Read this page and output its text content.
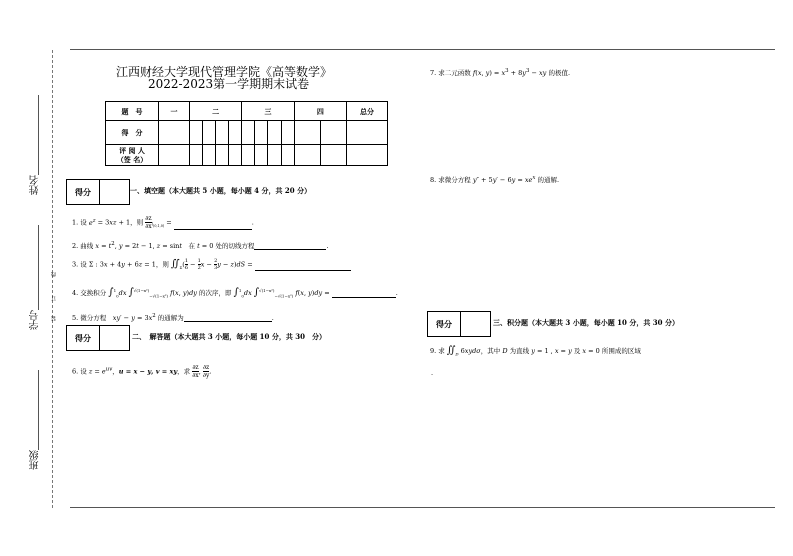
姓名
学号
班级
装
订
线
江西财经大学现代管理学院《高等数学》
2022-2023第一学期期末试卷
题　号	一	二				三				四		总分
得　分												

评 阅 人
（签 名）												

得分	一、填空题（本大题共 5 小题，每小题 4 分，共 20 分）
1. 设 $e^z = 3xz + 1$，则 $\frac{\partial z}{\partial x} |_{(0,1,0)}$ =	.
2. 曲线 $x = t^2$, y = 2t − 1, z = sint　 在 t = 0 处的切线方程	.
3. 设 Σ : 3x + 4y + 6z = 1，则 $∬_\Sigma( \frac{1}{6} - \frac{1}{2}$ $x - \frac{2}{3}$ y − z)dS =
4. 交换积分 ∫$^1_0$dx ∫$^{√(1-x^2)}_{-√(1-x^2)}$ f(x, y)dy 的次序，即 ∫$^1_0$dx ∫$^{√(1-x^2)}_{-√(1-x^2)}$ f(x, y)dy =	.
5. 微分方程　 $xy' - y = 3x^2$ 的通解为	.
得分	二、　解答题（本大题共 3 小题，每小题 10 分，共 30　分）
6. 设 $z = e^{uv}$，u = x − y, v = xy，求 $\frac{\partial z}{\partial x}$ , $\frac{\partial z}{\partial y}$ .
7. 求二元函数 f(x, $y) = x^3 + 8y^3$ − xy 的极值.
8. 求微分方程 $y'' + 5y' - 6y = xe^x$ 的通解.
得分	三、积分题（本大题共 3 小题，每小题 10 分，共 30 分）
9. 求 $∬_D$ 6xydσ，其中 D 为直线 y = 1 , x = y 及 x = 0 所围成的区域
.
